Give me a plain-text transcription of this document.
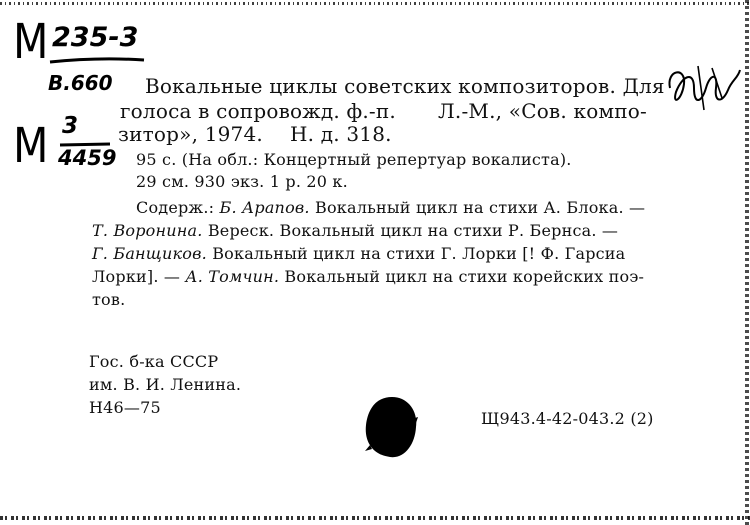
М 235-3
В.660
М 3
4459
Вокальные циклы советских композиторов. Для
голоса в сопровожд. ф.-п. Л.-М., «Сов. компо-
зитор», 1974. Н. д. 318.
95 с. (На обл.: Концертный репертуар вокалиста).
29 см. 930 экз. 1 р. 20 к.
Содерж.: Б. Арапов. Вокальный цикл на стихи А. Блока. —
Т. Воронина. Вереск. Вокальный цикл на стихи Р. Бернса. —
Г. Банщиков. Вокальный цикл на стихи Г. Лорки [! Ф. Гарсиа
Лорки]. — А. Томчин. Вокальный цикл на стихи корейских поэ-
тов.
Гос. б-ка СССР
им. В. И. Ленина.
Н46—75
Щ943.4-42-043.2 (2)
